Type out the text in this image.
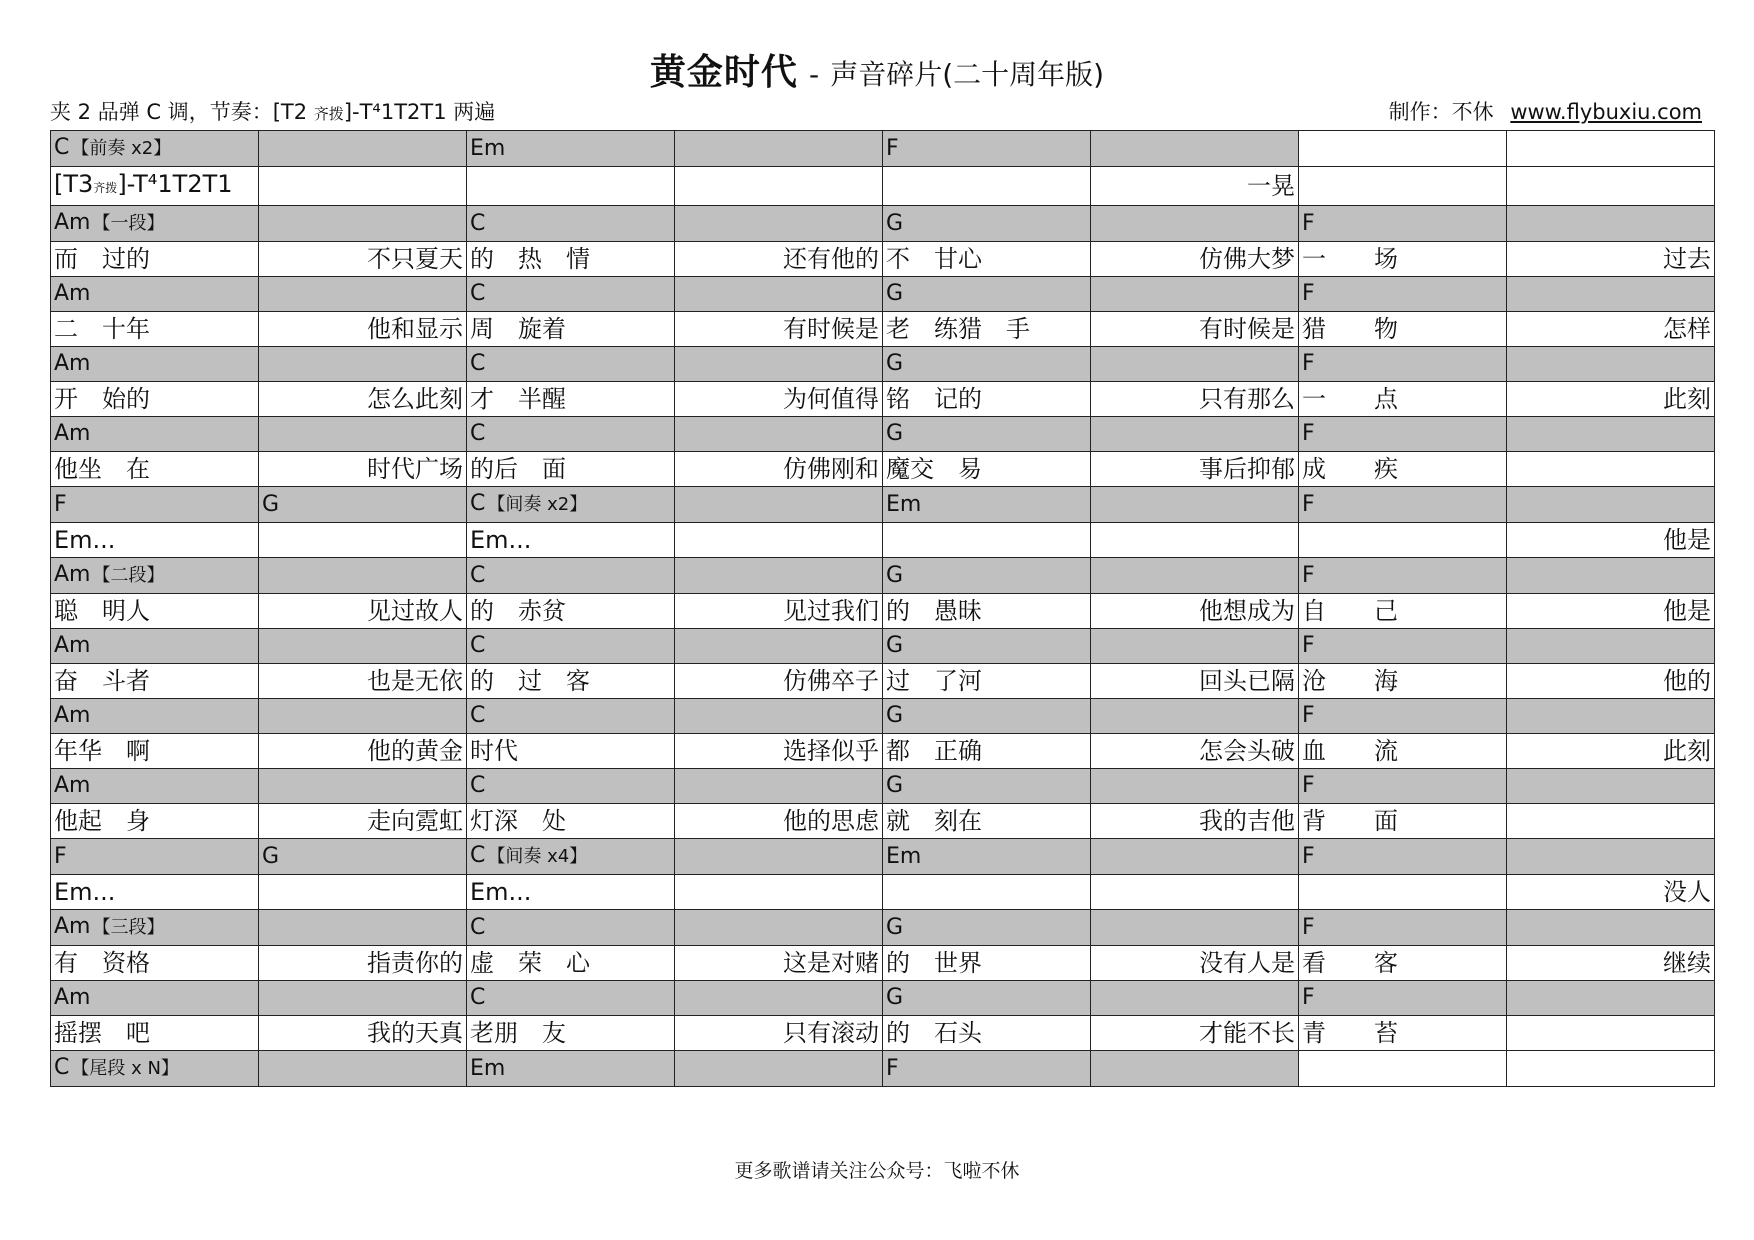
黄金时代 - 声音碎片(二十周年版)
夹 2 品弹 C 调，节奏：[T2 齐拨]-T⁴1T2T1 两遍	制作：不休 www.flybuxiu.com
C 【前奏 x2】		Em		F			
[T3齐拨]-T⁴1T2T1					一晃		
Am 【一段】		C		G		F	
而　过的	不只夏天	的　热　情	还有他的	不　甘心	仿佛大梦	一　　场	过去
Am		C		G		F	
二　十年	他和显示	周　旋着	有时候是	老　练猎　手	有时候是	猎　　物	怎样
Am		C		G		F	
开　始的	怎么此刻	才　半醒	为何值得	铭　记的	只有那么	一　　点	此刻
Am		C		G		F	
他坐　在	时代广场	的后　面	仿佛刚和	魔交　易	事后抑郁	成　　疾	
F	G	C 【间奏 x2】		Em		F	
Em...		Em...					他是
Am 【二段】		C		G		F	
聪　明人	见过故人	的　赤贫	见过我们	的　愚昧	他想成为	自　　己	他是
Am		C		G		F	
奋　斗者	也是无依	的　过　客	仿佛卒子	过　了河	回头已隔	沧　　海	他的
Am		C		G		F	
年华　啊	他的黄金	时代	选择似乎	都　正确	怎会头破	血　　流	此刻
Am		C		G		F	
他起　身	走向霓虹	灯深　处	他的思虑	就　刻在	我的吉他	背　　面	
F	G	C 【间奏 x4】		Em		F	
Em...		Em...					没人
Am 【三段】		C		G		F	
有　资格	指责你的	虚　荣　心	这是对赌	的　世界	没有人是	看　　客	继续
Am		C		G		F	
摇摆　吧	我的天真	老朋　友	只有滚动	的　石头	才能不长	青　　苔	
C 【尾段 x N】		Em		F			
更多歌谱请关注公众号：飞啦不休
